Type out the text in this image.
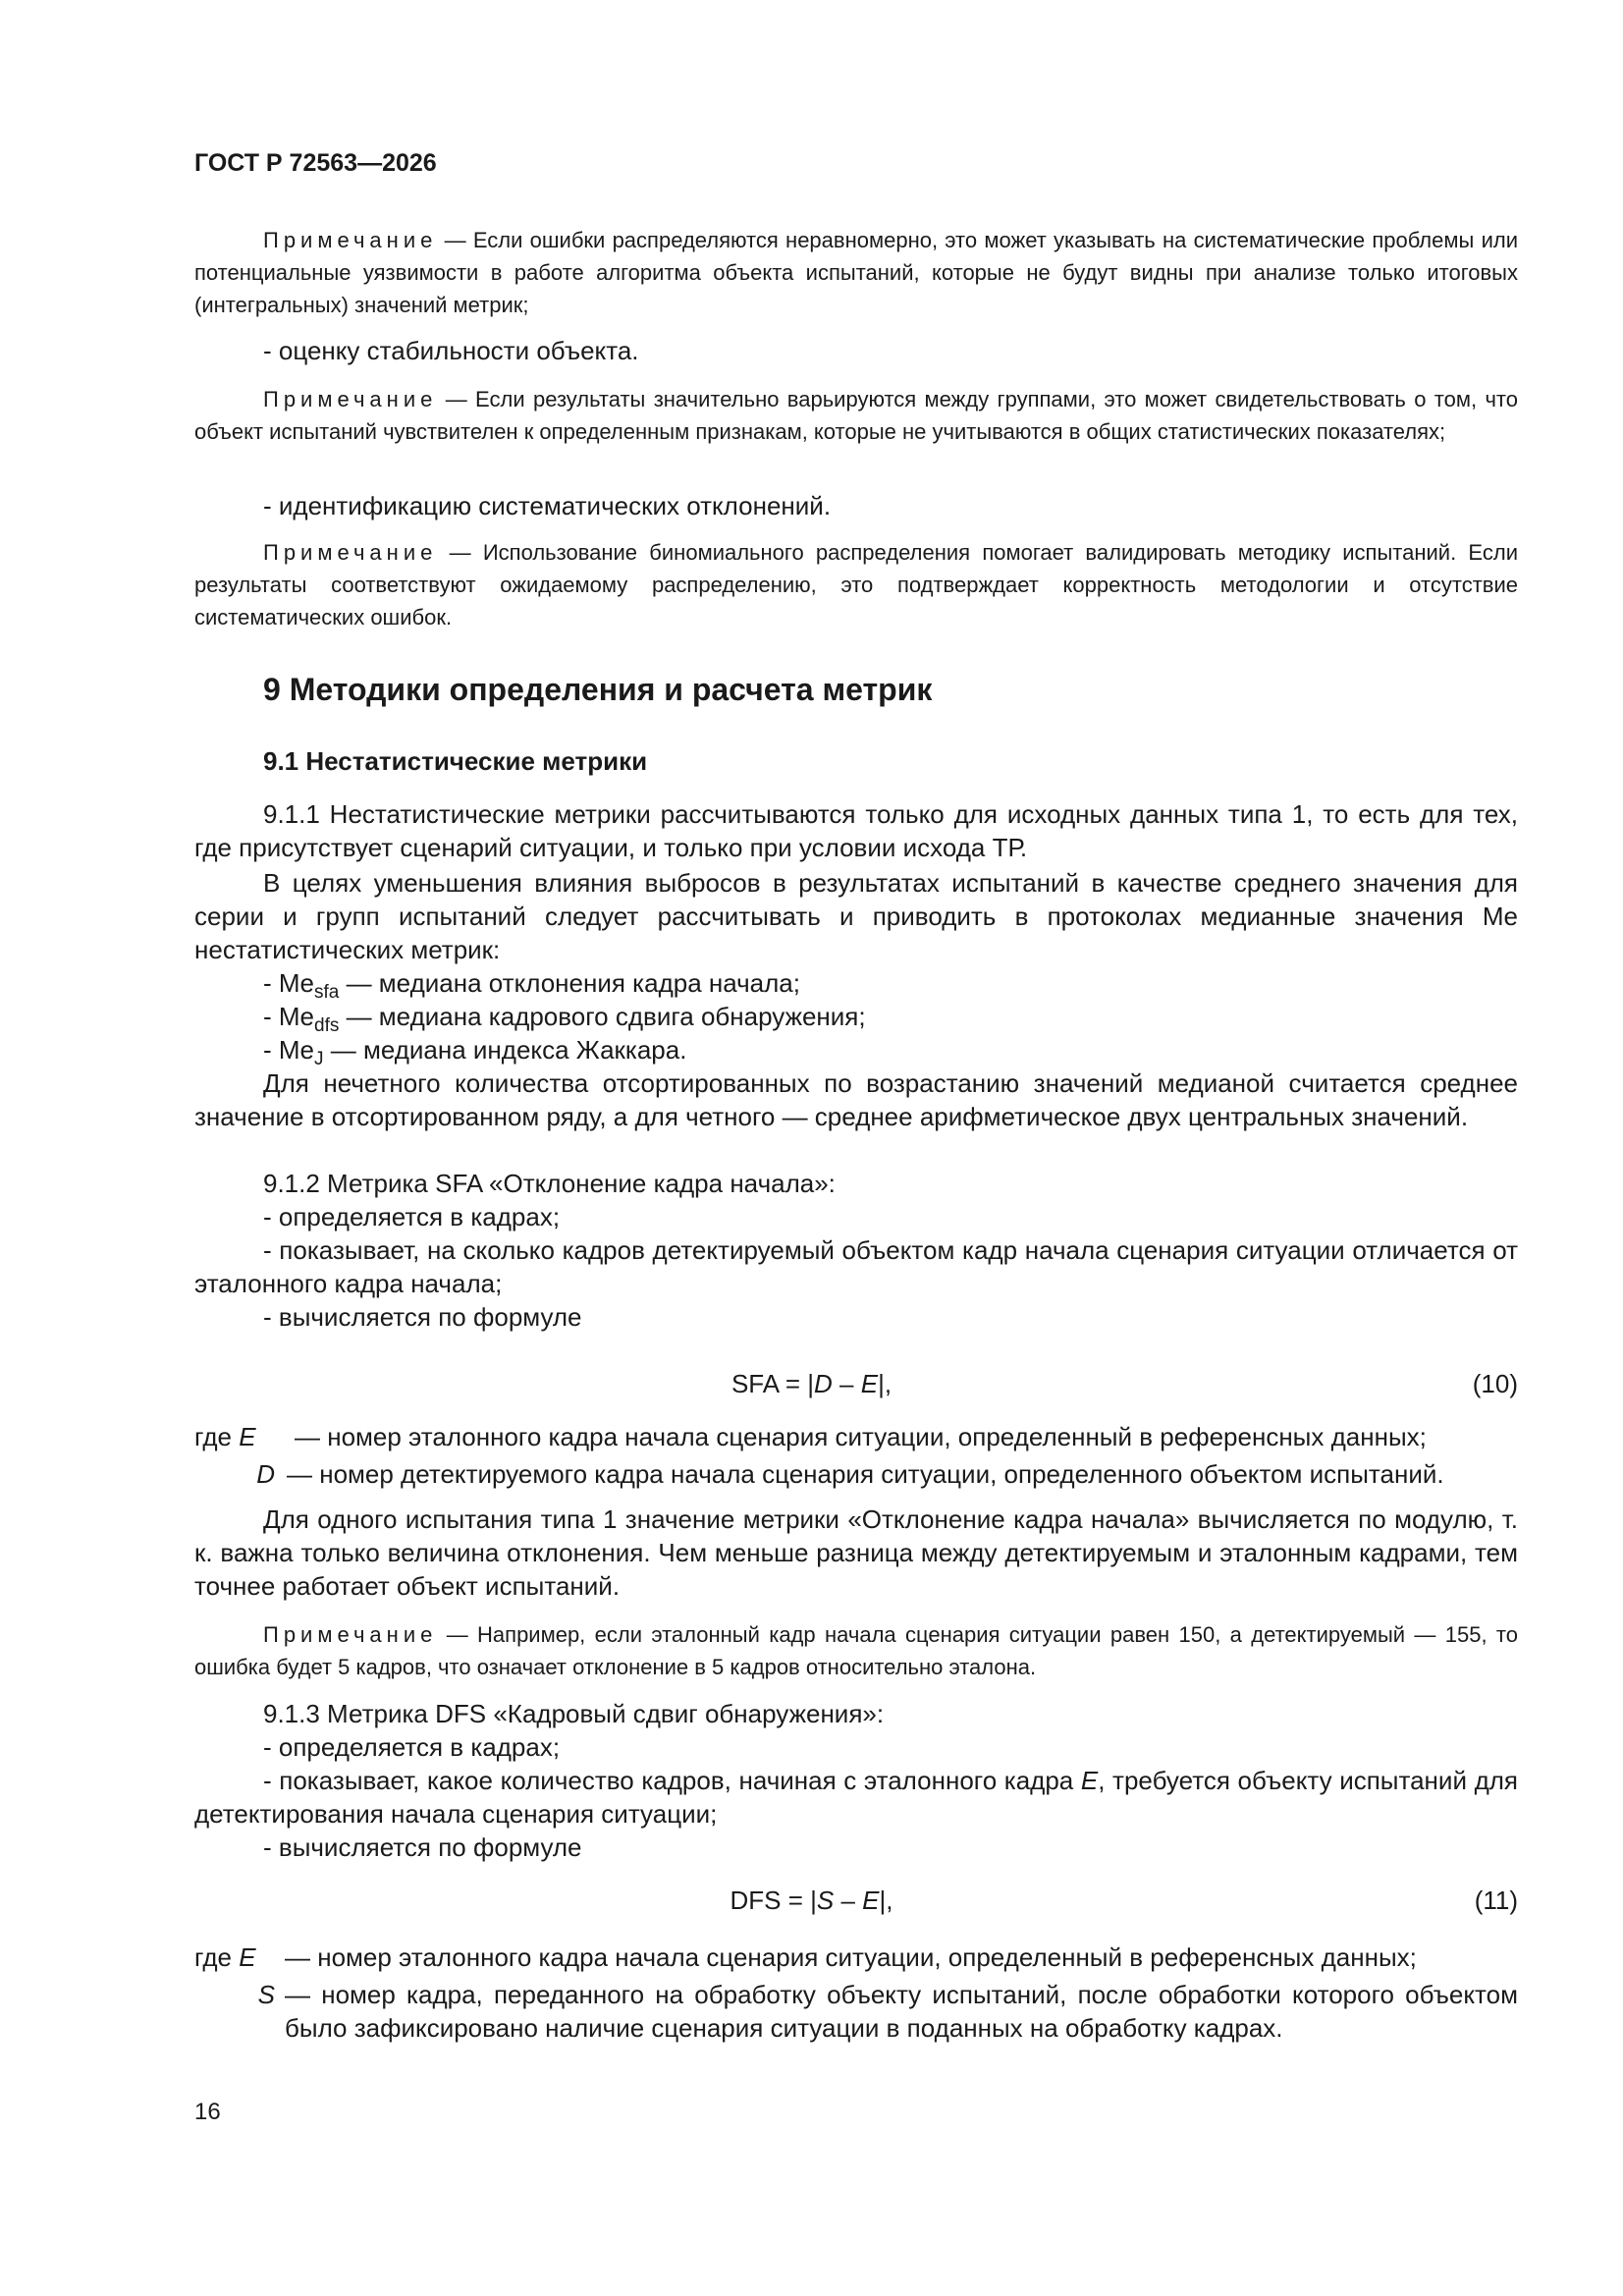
ГОСТ Р 72563—2026
Примечание — Если ошибки распределяются неравномерно, это может указывать на систематические проблемы или потенциальные уязвимости в работе алгоритма объекта испытаний, которые не будут видны при анализе только итоговых (интегральных) значений метрик;
- оценку стабильности объекта.
Примечание — Если результаты значительно варьируются между группами, это может свидетельствовать о том, что объект испытаний чувствителен к определенным признакам, которые не учитываются в общих статистических показателях;
- идентификацию систематических отклонений.
Примечание — Использование биномиального распределения помогает валидировать методику испытаний. Если результаты соответствуют ожидаемому распределению, это подтверждает корректность методологии и отсутствие систематических ошибок.
9 Методики определения и расчета метрик
9.1 Нестатистические метрики
9.1.1 Нестатистические метрики рассчитываются только для исходных данных типа 1, то есть для тех, где присутствует сценарий ситуации, и только при условии исхода ТР.
В целях уменьшения влияния выбросов в результатах испытаний в качестве среднего значения для серии и групп испытаний следует рассчитывать и приводить в протоколах медианные значения Me нестатистических метрик:
- $Me_{sfa}$ — медиана отклонения кадра начала;
- $Me_{dfs}$ — медиана кадрового сдвига обнаружения;
- $Me_J$ — медиана индекса Жаккара.
Для нечетного количества отсортированных по возрастанию значений медианой считается среднее значение в отсортированном ряду, а для четного — среднее арифметическое двух центральных значений.
9.1.2 Метрика SFA «Отклонение кадра начала»:
- определяется в кадрах;
- показывает, на сколько кадров детектируемый объектом кадр начала сценария ситуации отличается от эталонного кадра начала;
- вычисляется по формуле
SFA = |D – E|,	(10)
где E	— номер эталонного кадра начала сценария ситуации, определенный в референсных данных;
D — номер детектируемого кадра начала сценария ситуации, определенного объектом испытаний.
Для одного испытания типа 1 значение метрики «Отклонение кадра начала» вычисляется по модулю, т. к. важна только величина отклонения. Чем меньше разница между детектируемым и эталонным кадрами, тем точнее работает объект испытаний.
Примечание — Например, если эталонный кадр начала сценария ситуации равен 150, а детектируемый — 155, то ошибка будет 5 кадров, что означает отклонение в 5 кадров относительно эталона.
9.1.3 Метрика DFS «Кадровый сдвиг обнаружения»:
- определяется в кадрах;
- показывает, какое количество кадров, начиная с эталонного кадра E, требуется объекту испытаний для детектирования начала сценария ситуации;
- вычисляется по формуле
DFS = |S – E|,	(11)
где E	— номер эталонного кадра начала сценария ситуации, определенный в референсных данных;
S — номер кадра, переданного на обработку объекту испытаний, после обработки которого объектом было зафиксировано наличие сценария ситуации в поданных на обработку кадрах.
16
